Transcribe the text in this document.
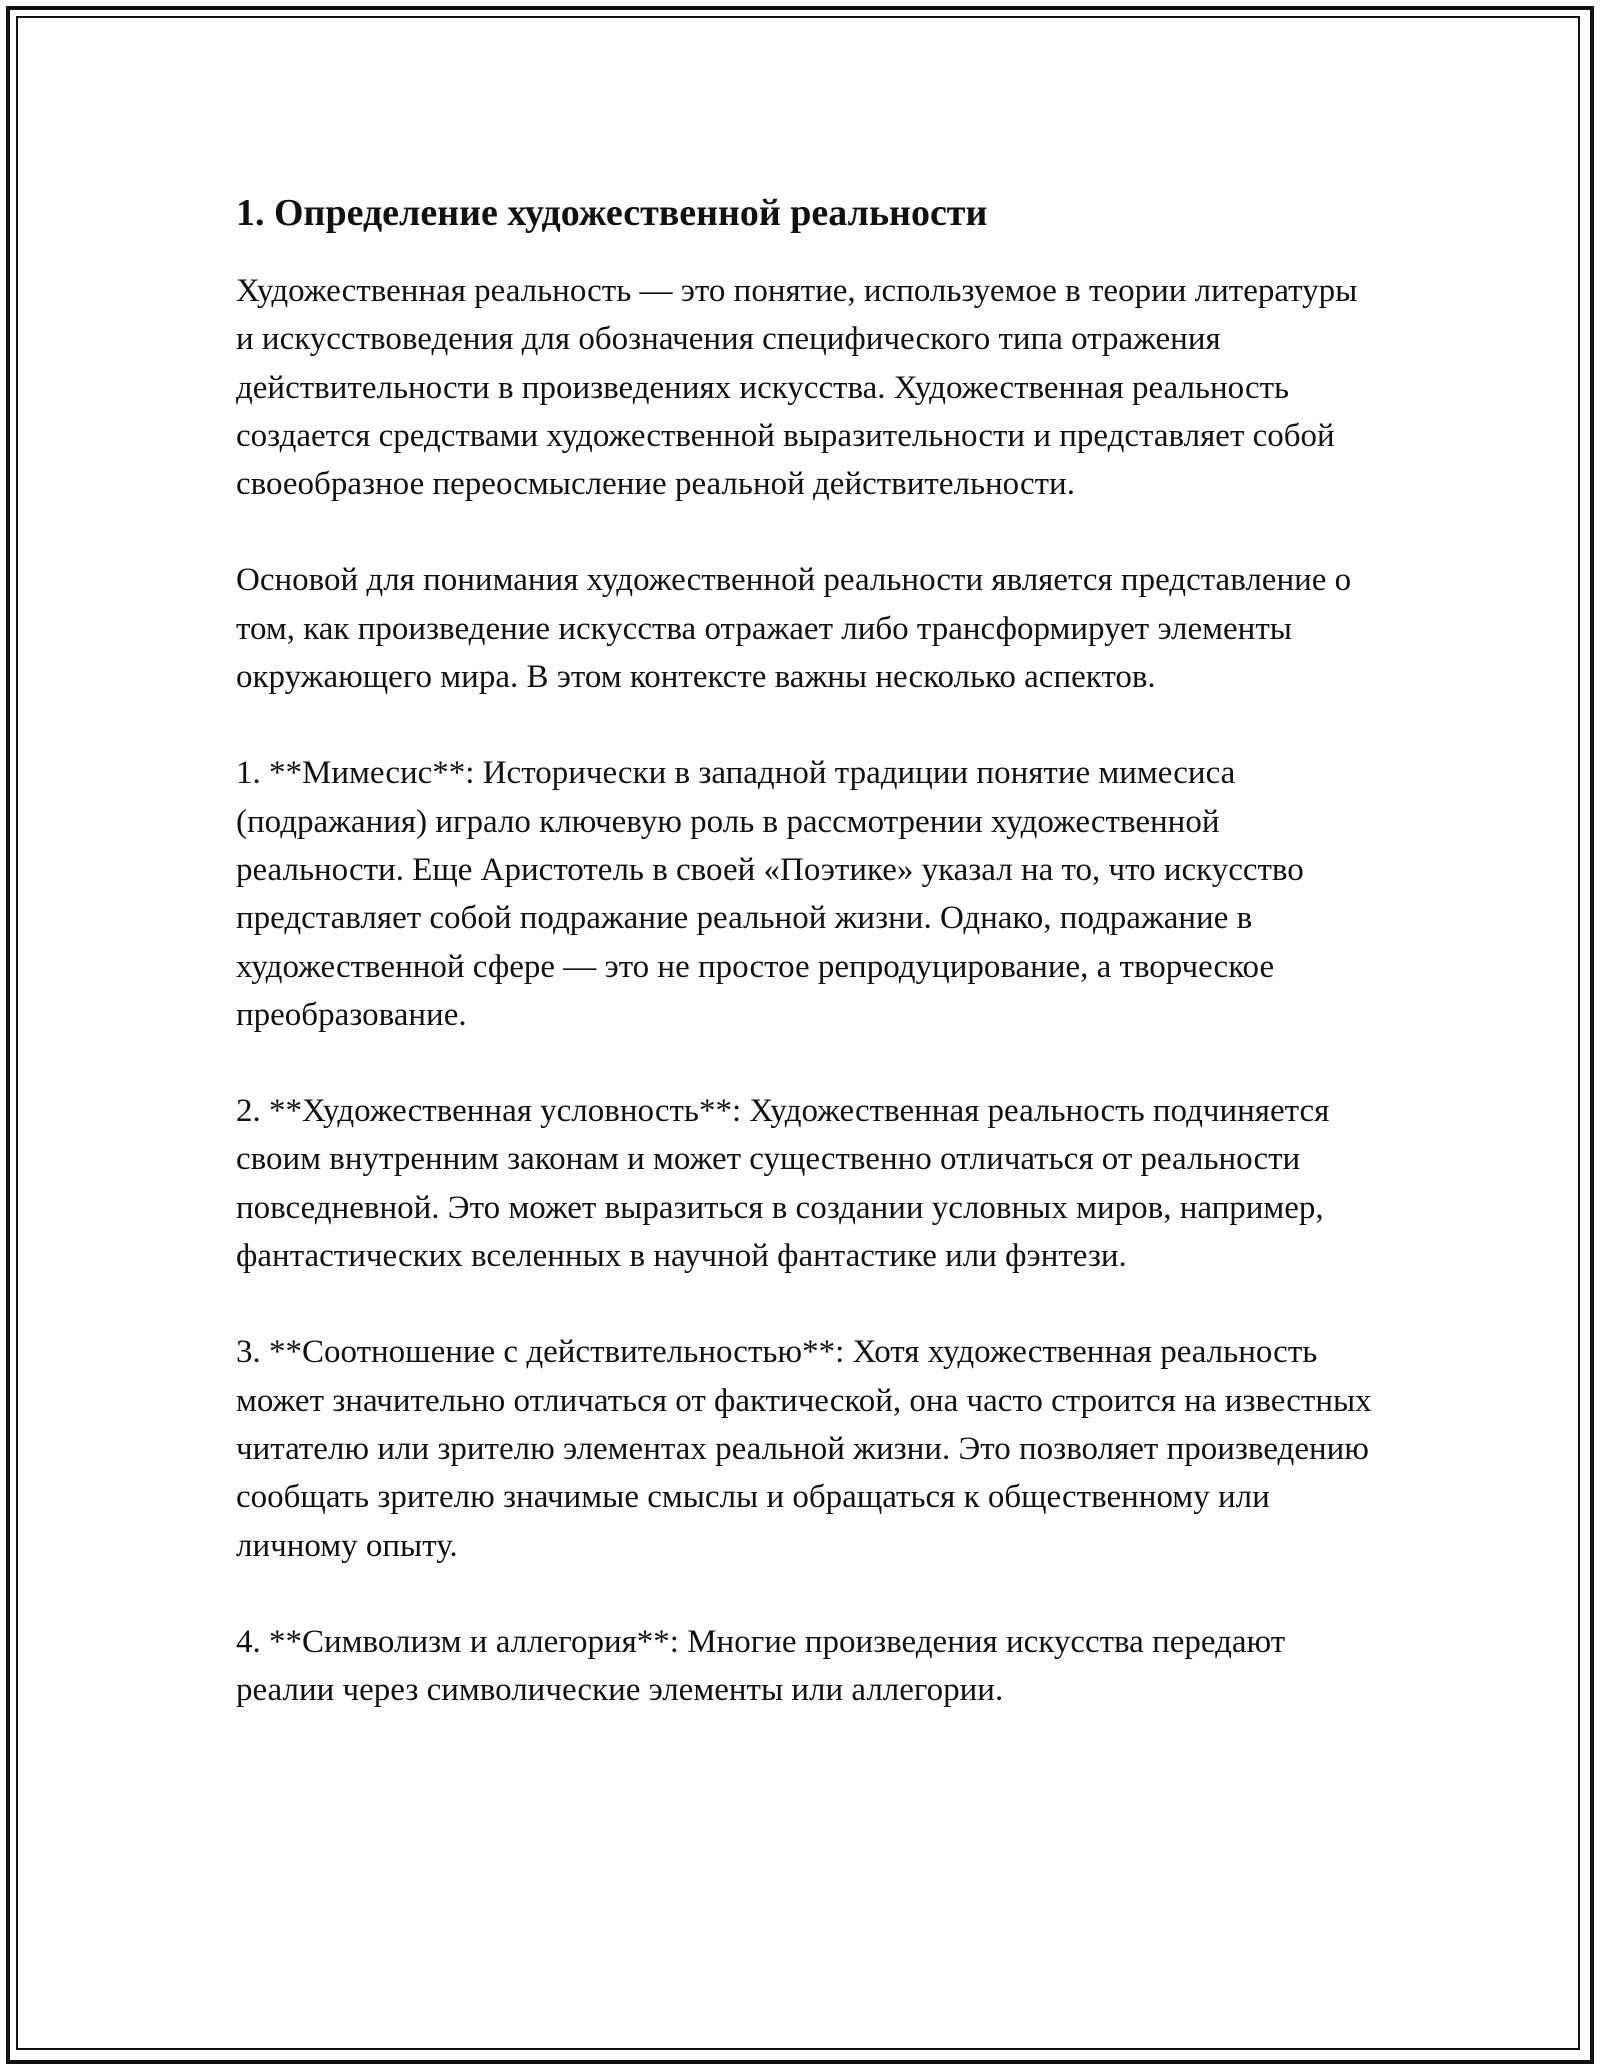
1. Определение художественной реальности

Художественная реальность — это понятие, используемое в теории литературы и искусствоведения для обозначения специфического типа отражения действительности в произведениях искусства. Художественная реальность создается средствами художественной выразительности и представляет собой своеобразное переосмысление реальной действительности.

Основой для понимания художественной реальности является представление о том, как произведение искусства отражает либо трансформирует элементы окружающего мира. В этом контексте важны несколько аспектов.

1. **Мимесис**: Исторически в западной традиции понятие мимесиса (подражания) играло ключевую роль в рассмотрении художественной реальности. Еще Аристотель в своей «Поэтике» указал на то, что искусство представляет собой подражание реальной жизни. Однако, подражание в художественной сфере — это не простое репродуцирование, а творческое преобразование.

2. **Художественная условность**: Художественная реальность подчиняется своим внутренним законам и может существенно отличаться от реальности повседневной. Это может выразиться в создании условных миров, например, фантастических вселенных в научной фантастике или фэнтези.

3. **Соотношение с действительностью**: Хотя художественная реальность может значительно отличаться от фактической, она часто строится на известных читателю или зрителю элементах реальной жизни. Это позволяет произведению сообщать зрителю значимые смыслы и обращаться к общественному или личному опыту.

4. **Символизм и аллегория**: Многие произведения искусства передают реалии через символические элементы или аллегории.
